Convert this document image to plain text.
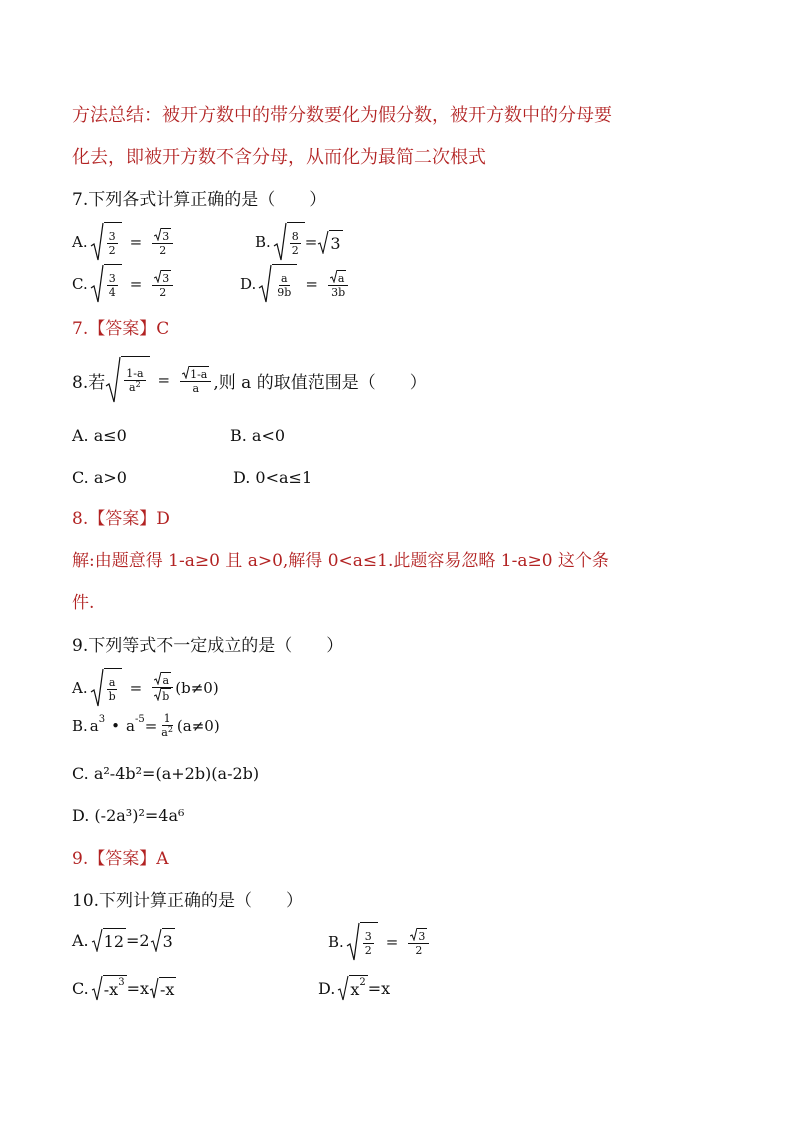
方法总结：被开方数中的带分数要化为假分数，被开方数中的分母要
化去，即被开方数不含分母，从而化为最简二次根式
7.下列各式计算正确的是（　　）
A. $\frac{3}{2} = \frac{3}{2}$	B. $\frac{8}{2} = 3$
C. $\frac{3}{4} = \frac{3}{2}$	D. $\frac{a}{9b} = \frac{a}{3b}$
7.【答案】C
8.若 $\frac{1-a}{a^2} = \frac{1-a}{a}$ ,则 a 的取值范围是（　　）
A. a≤0	B. a<0
C. a>0	D. 0<a≤1
8.【答案】D
解:由题意得 1-a≥0 且 a>0,解得 0<a≤1.此题容易忽略 1-a≥0 这个条
件.
9.下列等式不一定成立的是（　　）
A. $\frac{a}{b} = \frac{a}{b} (b\ne 0)$
B. a 3 • a $-5 = \frac{1}{a^2} (a\ne 0)$
C. a²-4b²=(a+2b)(a-2b)
D. (-2a³)²=4a⁶
9.【答案】A
10.下列计算正确的是（　　）
A. 12 =2 3	B. $\frac{3}{2} = \frac{3}{2}$
C. -x 3 =x -x	D. x 2 =x
